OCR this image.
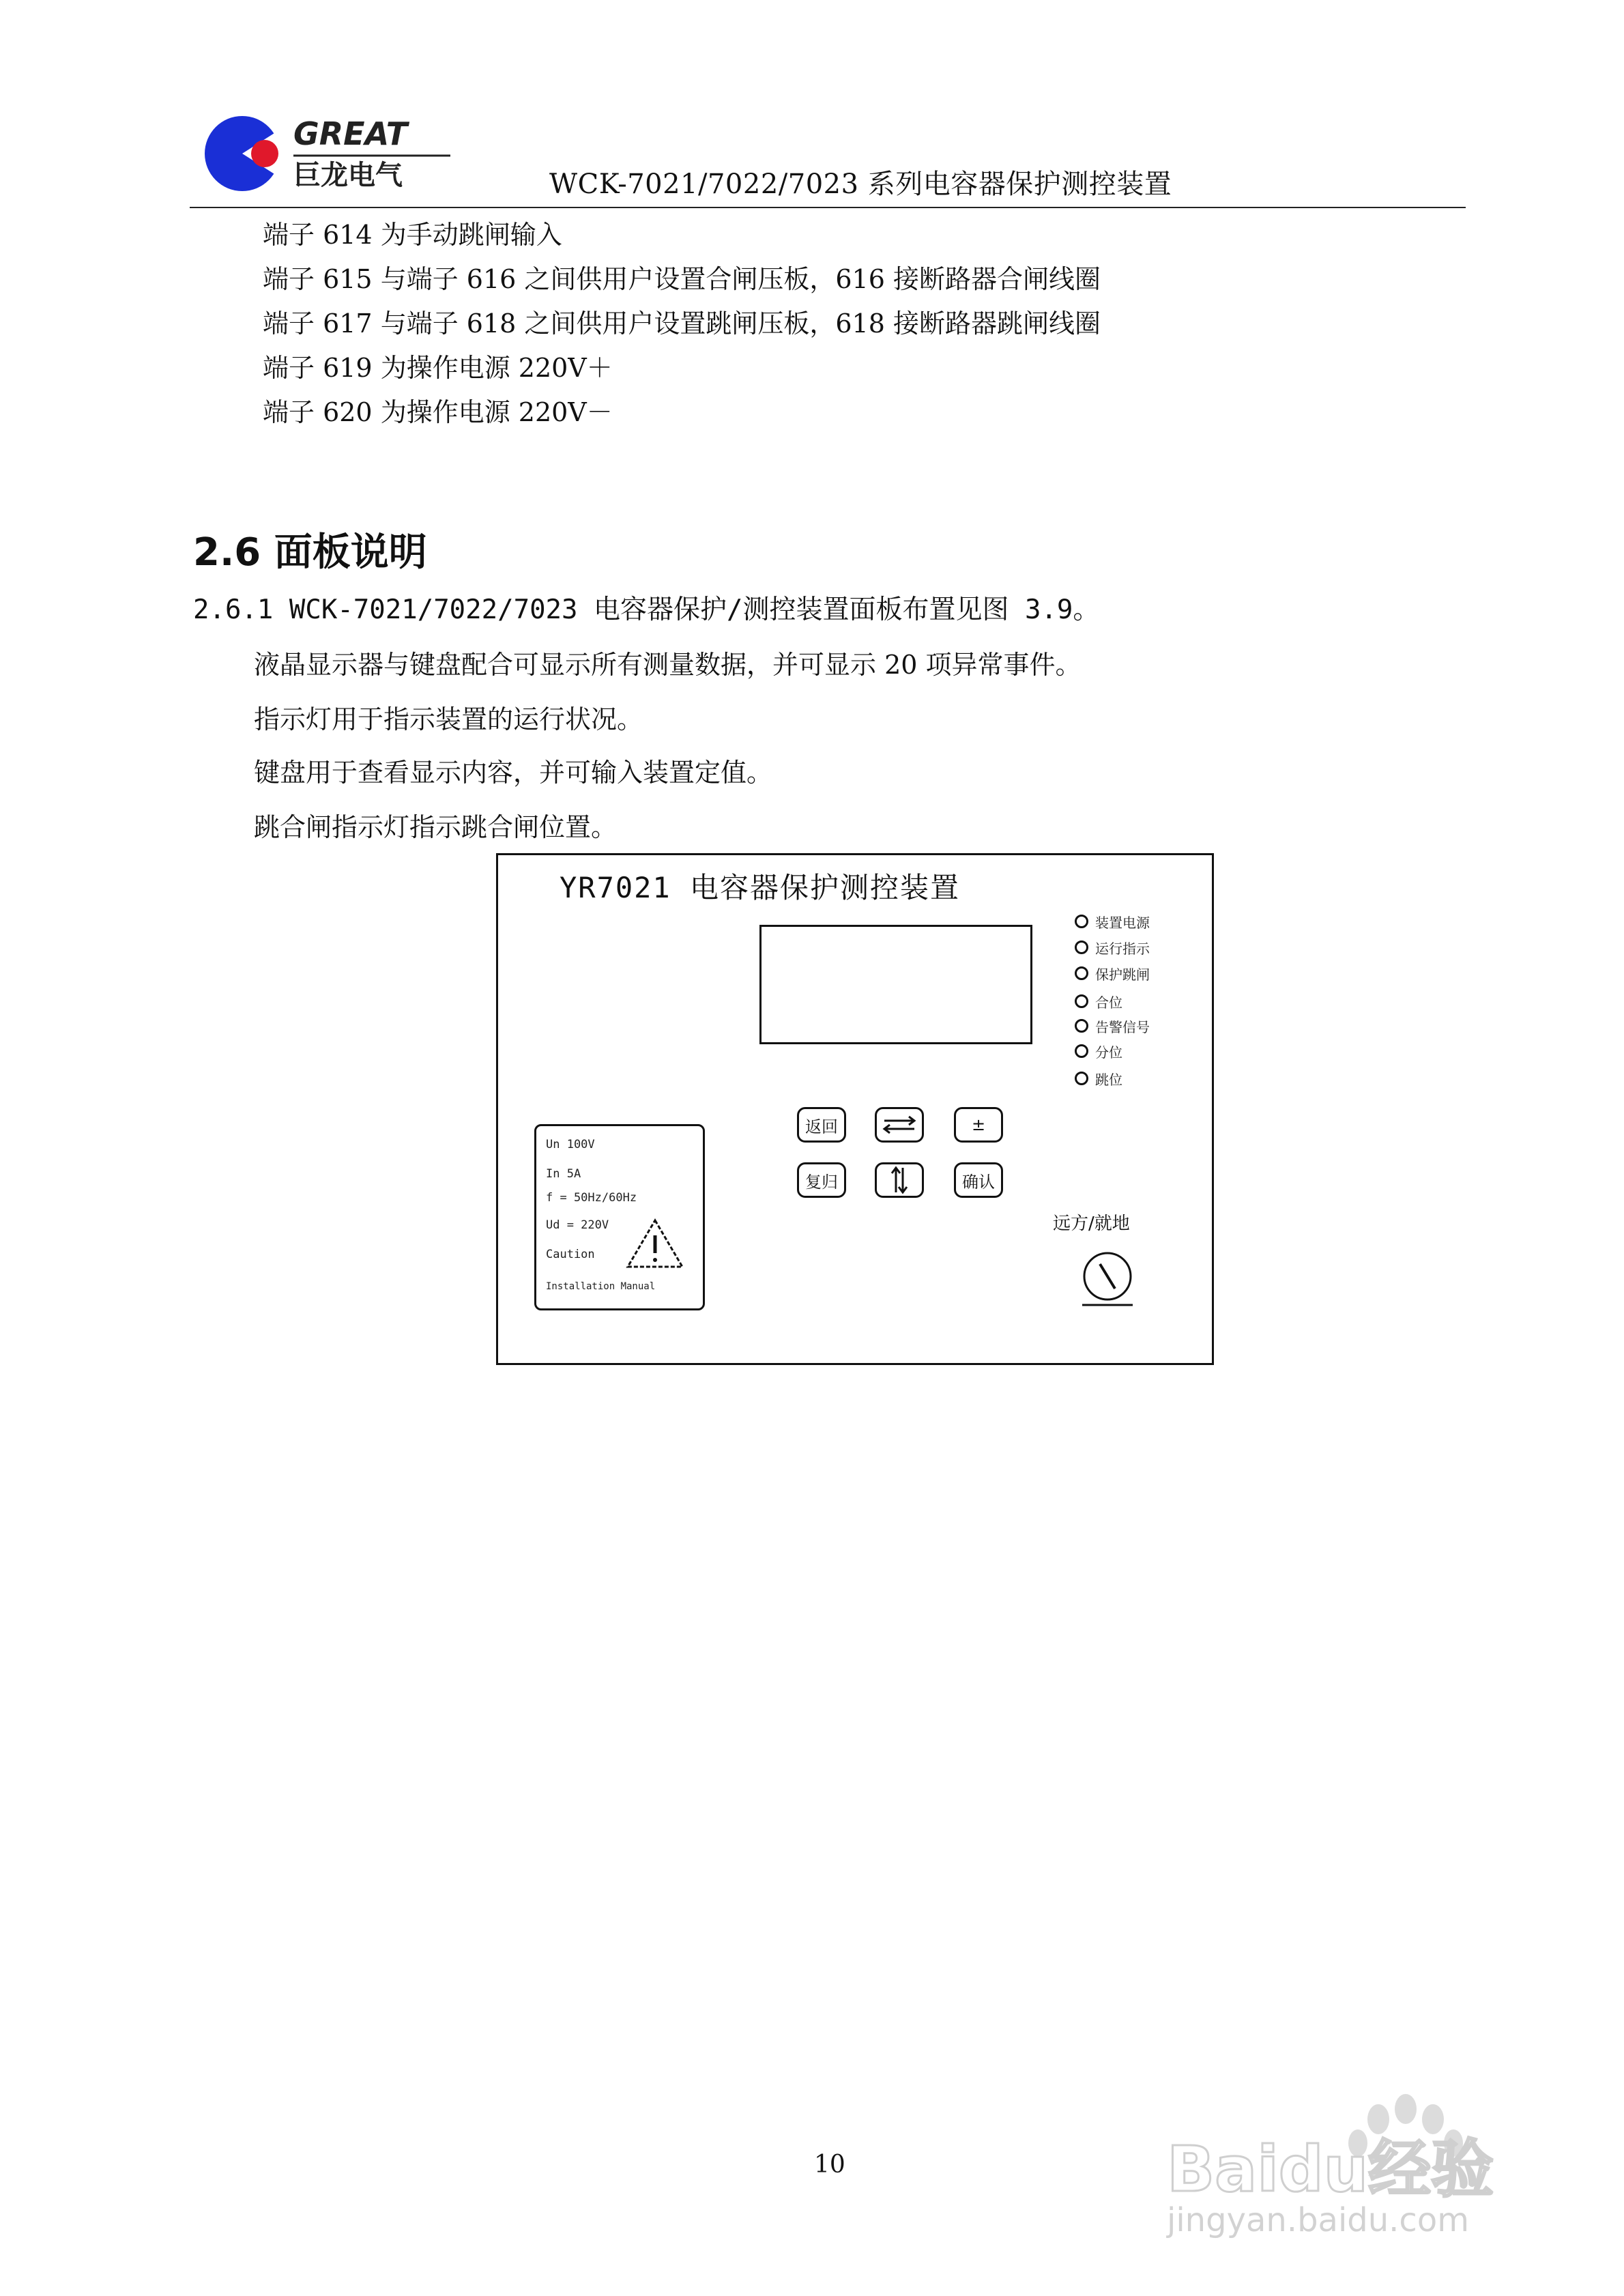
GREAT
巨龙电气	WCK-7021/7022/7023 系列电容器保护测控装置
端子 614 为手动跳闸输入
端子 615 与端子 616 之间供用户设置合闸压板，616 接断路器合闸线圈
端子 617 与端子 618 之间供用户设置跳闸压板，618 接断路器跳闸线圈
端子 619 为操作电源 220V＋
端子 620 为操作电源 220V－
2.6 面板说明
2.6.1 WCK-7021/7022/7023 电容器保护/测控装置面板布置见图 3.9。
液晶显示器与键盘配合可显示所有测量数据，并可显示 20 项异常事件。
指示灯用于指示装置的运行状况。
键盘用于查看显示内容，并可输入装置定值。
跳合闸指示灯指示跳合闸位置。
YR7021 电容器保护测控装置
装置电源
运行指示
保护跳闸
合位
告警信号
分位
跳位
返回	±
复归	确认
Un 100V
In 5A
f = 50Hz/60Hz
Ud = 220V
Caution
Installation Manual
远方/就地
10	Baidu经验
jingyan.baidu.com
